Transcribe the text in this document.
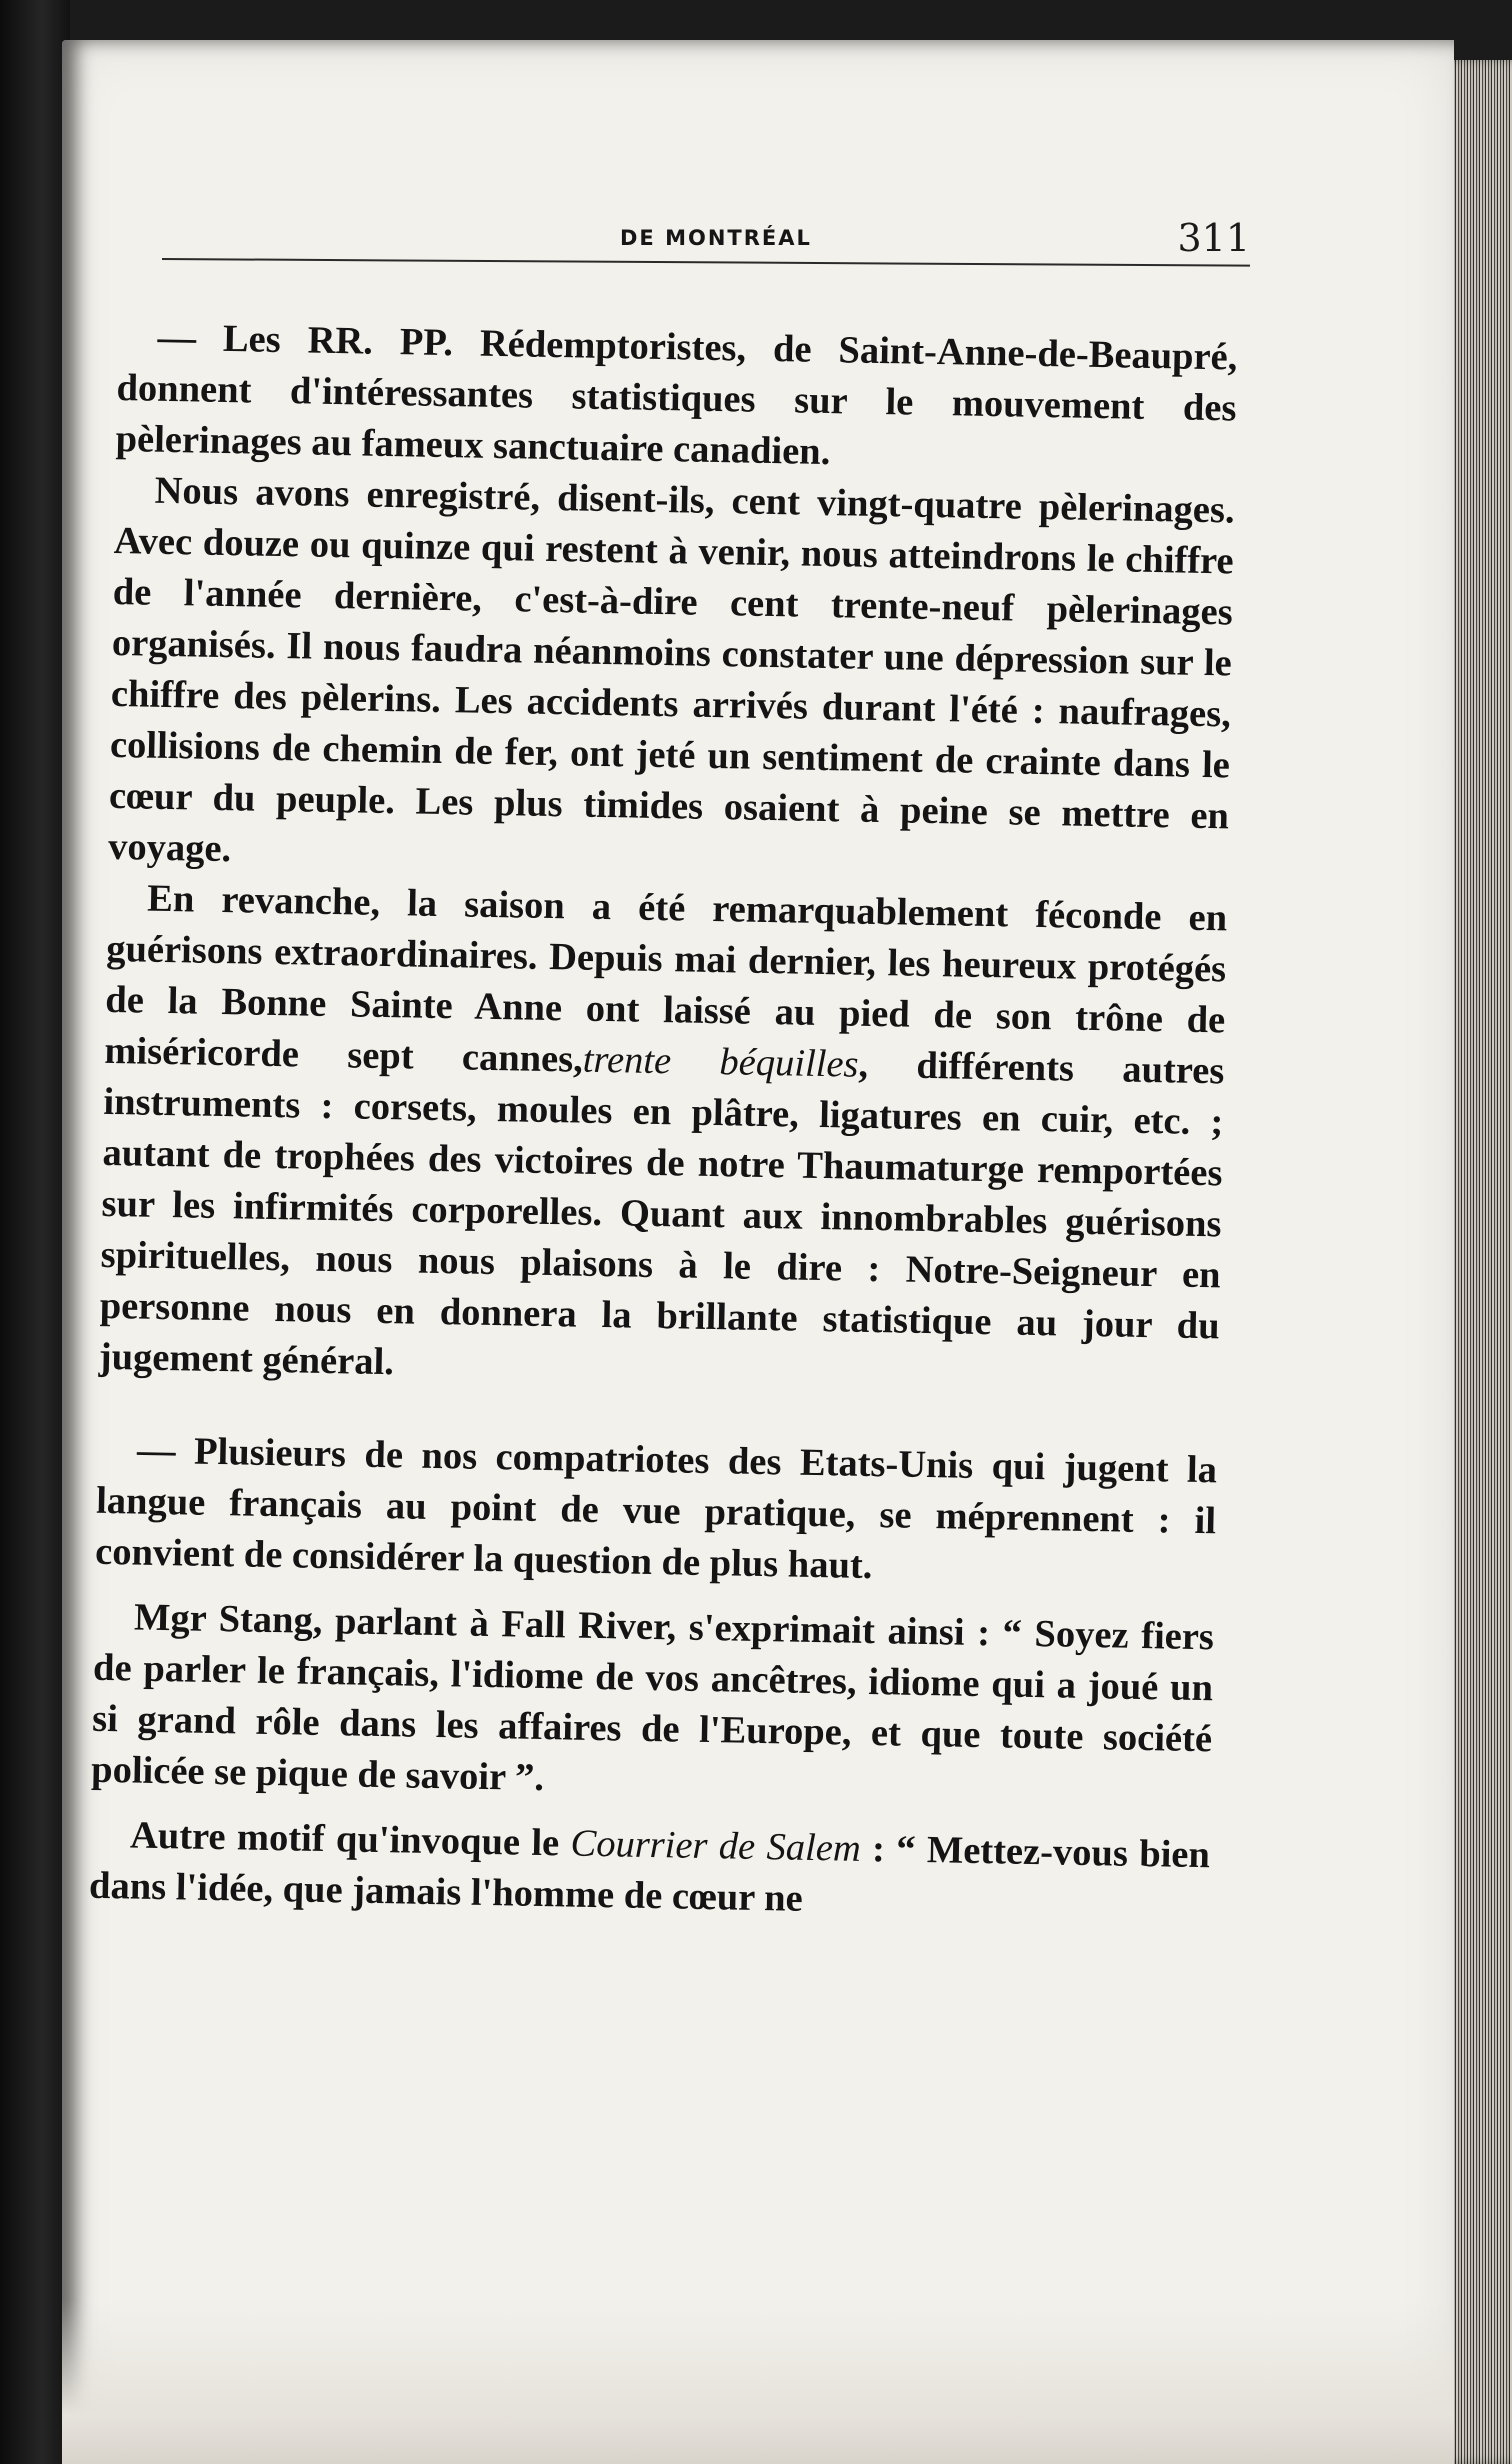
DE MONTRÉAL	311

— Les RR. PP. Rédemptoristes, de Saint-Anne-de-Beaupré, donnent d'intéressantes statistiques sur le mouvement des pèlerinages au fameux sanctuaire canadien.

Nous avons enregistré, disent-ils, cent vingt-quatre pèlerinages. Avec douze ou quinze qui restent à venir, nous atteindrons le chiffre de l'année dernière, c'est-à-dire cent trente-neuf pèlerinages organisés. Il nous faudra néanmoins constater une dépression sur le chiffre des pèlerins. Les accidents arrivés durant l'été : naufrages, collisions de chemin de fer, ont jeté un sentiment de crainte dans le cœur du peuple. Les plus timides osaient à peine se mettre en voyage.

En revanche, la saison a été remarquablement féconde en guérisons extraordinaires. Depuis mai dernier, les heureux protégés de la Bonne Sainte Anne ont laissé au pied de son trône de miséricorde sept cannes,trente béquilles, différents autres instruments : corsets, moules en plâtre, ligatures en cuir, etc. ; autant de trophées des victoires de notre Thaumaturge remportées sur les infirmités corporelles. Quant aux innombrables guérisons spirituelles, nous nous plaisons à le dire : Notre-Seigneur en personne nous en donnera la brillante statistique au jour du jugement général.

— Plusieurs de nos compatriotes des Etats-Unis qui jugent la langue français au point de vue pratique, se méprennent : il convient de considérer la question de plus haut.

Mgr Stang, parlant à Fall River, s'exprimait ainsi : “ Soyez fiers de parler le français, l'idiome de vos ancêtres, idiome qui a joué un si grand rôle dans les affaires de l'Europe, et que toute société policée se pique de savoir ”.

Autre motif qu'invoque le Courrier de Salem : “ Mettez-vous bien dans l'idée, que jamais l'homme de cœur ne
